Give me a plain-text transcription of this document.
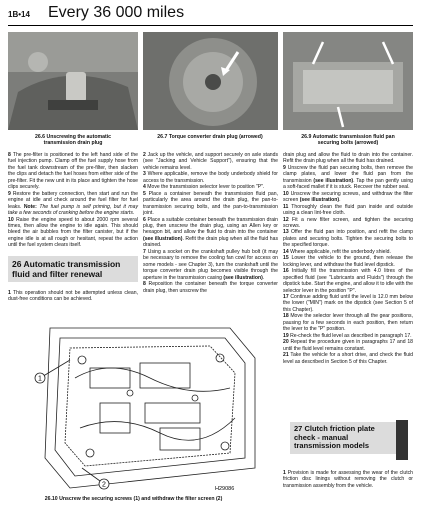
1B•14 Every 36 000 miles
26.6 Unscrewing the automatic transmission drain plug
26.7 Torque converter drain plug (arrowed)	26.9 Automatic transmission fluid pan securing bolts (arrowed)

8 The pre-filter is positioned to the left hand side of the fuel injection pump. Clamp off the fuel supply hose from the fuel tank downstream of the pre-filter, then slacken the clips and detach the fuel hoses from either side of the pre-filter. Fit the new unit in its place and tighten the hose clips securely.

9 Restore the battery connection, then start and run the engine at idle and check around the fuel filter for fuel leaks. Note: The fuel pump is self priming, but it may take a few seconds of cranking before the engine starts.

10 Raise the engine speed to about 2000 rpm several times, then allow the engine to idle again. This should bleed the air bubbles from the filter canister, but if the engine idle is at all rough or hesitant, repeat the action until the fuel system clears itself.

26 Automatic transmission fluid and filter renewal

1 This operation should not be attempted unless clean, dust-free conditions can be achieved.

2 Jack up the vehicle, and support securely on axle stands (see "Jacking and Vehicle Support"), ensuring that the vehicle remains level.

3 Where applicable, remove the body underbody shield for access to the transmission.

4 Move the transmission selector lever to position "P".

5 Place a container beneath the transmission fluid pan, particularly the area around the drain plug, the pan-to-transmission securing bolts, and the pan-to-transmission joint.

6 Place a suitable container beneath the transmission drain plug, then unscrew the drain plug, using an Allen key or hexagon bit, and allow the fluid to drain into the container (see illustration). Refit the drain plug when all the fluid has drained.

7 Using a socket on the crankshaft pulley hub bolt (it may be necessary to remove the cooling fan cowl for access on some models - see Chapter 3), turn the crankshaft until the torque converter drain plug becomes visible through the aperture in the transmission casing (see illustration).

8 Reposition the container beneath the torque converter drain plug, then unscrew the

drain plug and allow the fluid to drain into the container. Refit the drain plug when all the fluid has drained.

9 Unscrew the fluid pan securing bolts, then remove the clamp plates, and lower the fluid pan from the transmission (see illustration). Tap the pan gently using a soft-faced mallet if it is stuck. Recover the rubber seal.

10 Unscrew the securing screws, and withdraw the filter screen (see illustration).

11 Thoroughly clean the fluid pan inside and outside using a clean lint-free cloth.

12 Fit a new filter screen, and tighten the securing screws.

13 Offer the fluid pan into position, and refit the clamp plates and securing bolts. Tighten the securing bolts to the specified torque.

14 Where applicable, refit the underbody shield.

15 Lower the vehicle to the ground, then release the locking lever, and withdraw the fluid level dipstick.

16 Initially fill the transmission with 4.0 litres of the specified fluid (see "Lubricants and Fluids") through the dipstick tube. Start the engine, and allow it to idle with the selector lever in the position "P".

17 Continue adding fluid until the level is 12.0 mm below the lower ("MIN") mark on the dipstick (see Section 5 of this Chapter).

18 Move the selector lever through all the gear positions, pausing for a few seconds in each position, then return the lever to the "P" position.

19 Re-check the fluid level as described in paragraph 17.

20 Repeat the procedure given in paragraphs 17 and 18 until the fluid level remains constant.

21 Take the vehicle for a short drive, and check the fluid level as described in Section 5 of this Chapter.

27 Clutch friction plate check - manual transmission models

1 Provision is made for assessing the wear of the clutch friction disc linings without removing the clutch or transmission assembly from the vehicle.

1
2
H29086
26.10 Unscrew the securing screws (1) and withdraw the filter screen (2)
